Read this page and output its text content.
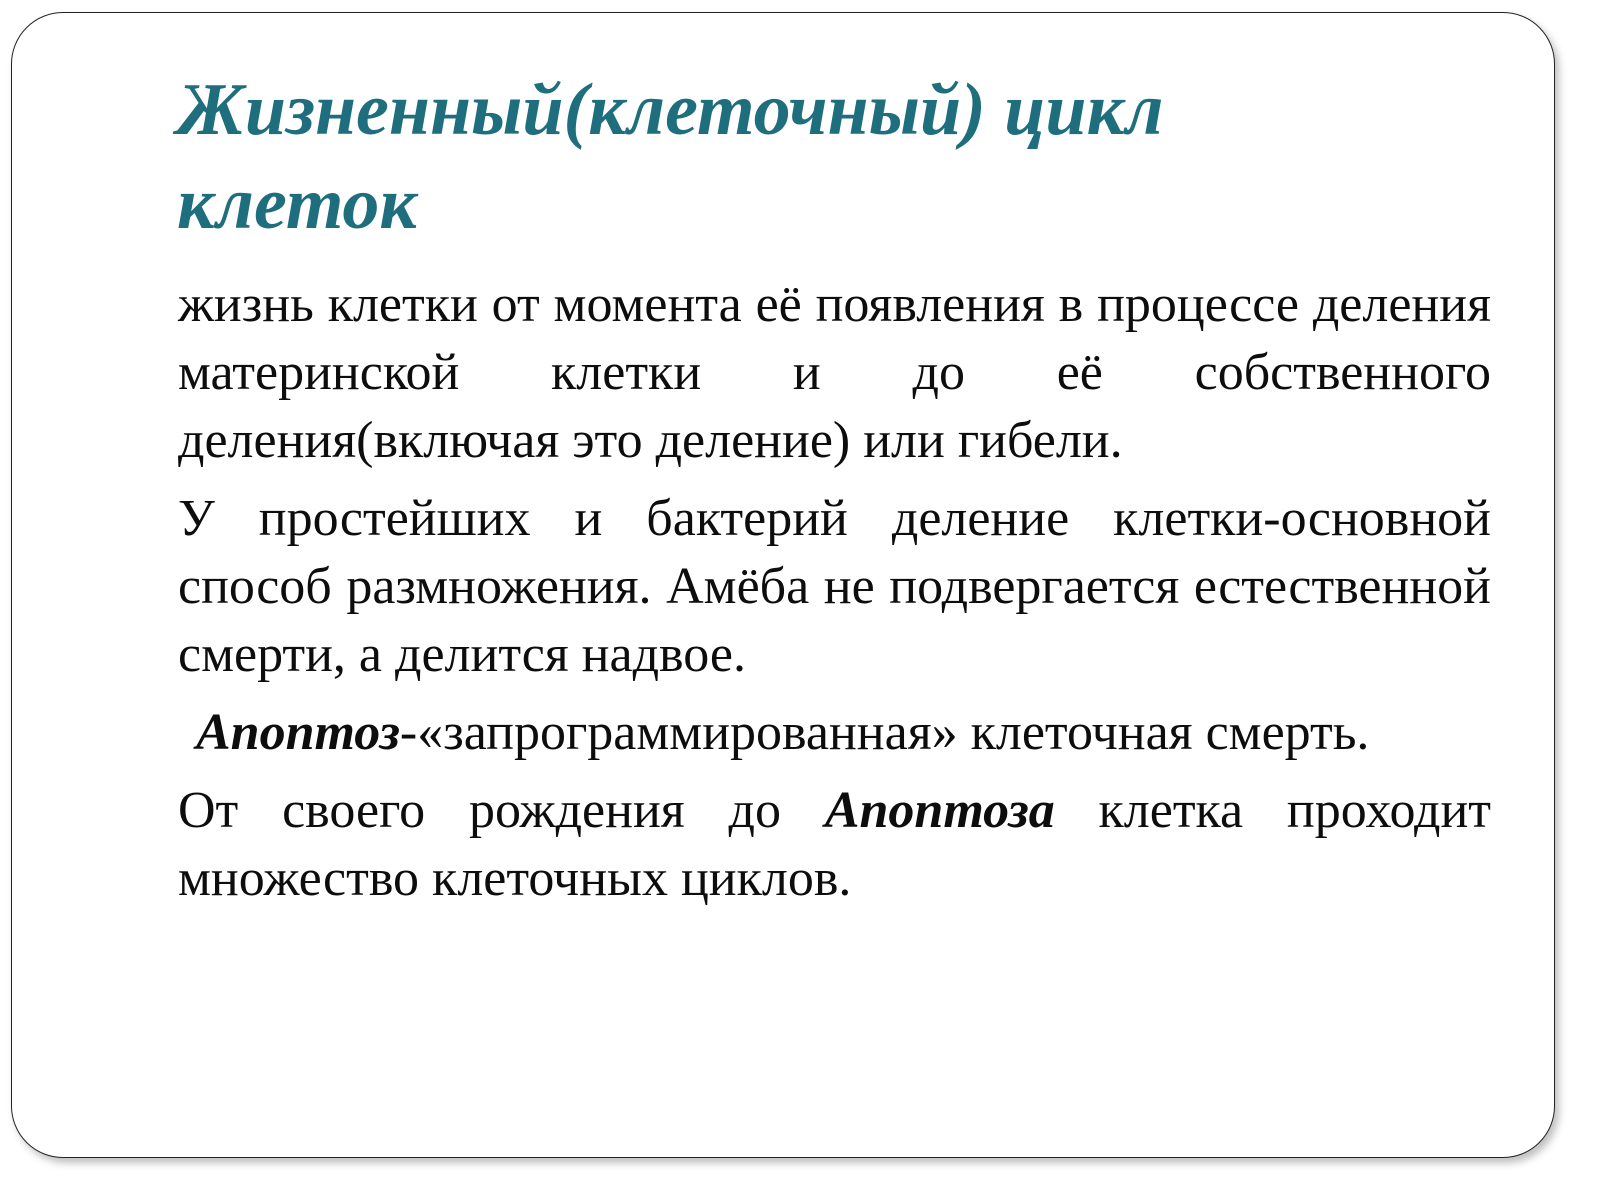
Жизненный(клеточный) цикл
клеток

жизнь клетки от момента её появления в процессе деления материнской клетки и до её собственного деления(включая это деление) или гибели.

У простейших и бактерий деление клетки-основной способ размножения. Амёба не подвергается естественной смерти, а делится надвое.

Апоптоз-«запрограммированная» клеточная смерть.

От своего рождения до Апоптоза клетка проходит множество клеточных циклов.
